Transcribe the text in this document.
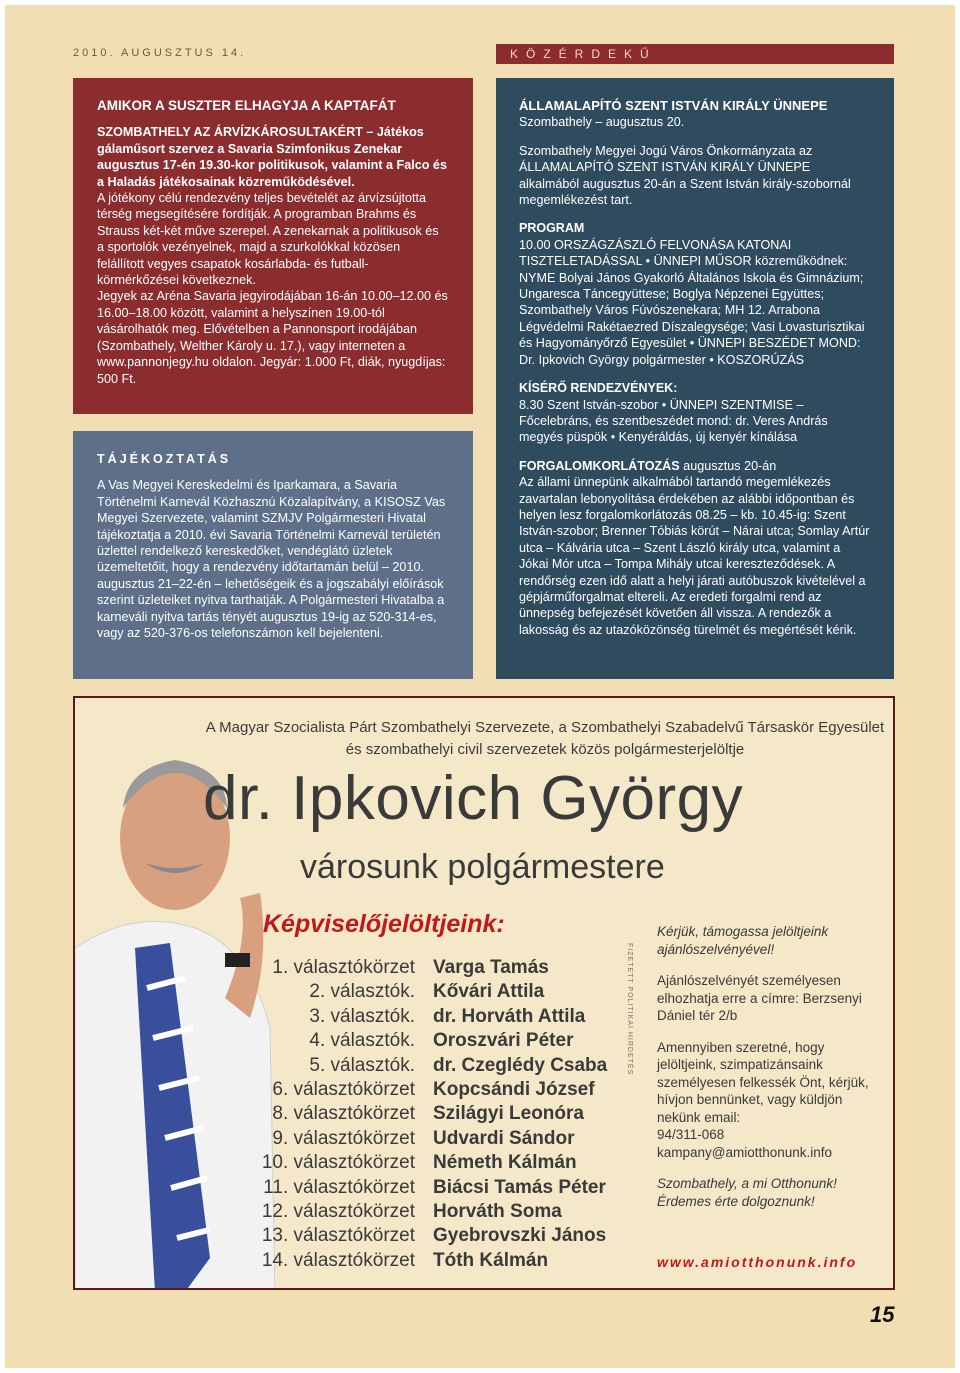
2010. AUGUSZTUS 14.	KÖZÉRDEKŰ

AMIKOR A SUSZTER ELHAGYJA A KAPTAFÁT

SZOMBATHELY AZ ÁRVÍZKÁROSULTAKÉRT – Játékos gálaműsort szervez a Savaria Szimfonikus Zenekar augusztus 17-én 19.30-kor politikusok, valamint a Falco és a Haladás játékosainak közreműködésével.

A jótékony célú rendezvény teljes bevételét az árvízsújtotta térség megsegítésére fordítják. A programban Brahms és Strauss két-két műve szerepel. A zenekarnak a politikusok és a sportolók vezényelnek, majd a szurkolókkal közösen felállított vegyes csapatok kosárlabda- és futball-körmérkőzései következnek.

Jegyek az Aréna Savaria jegyirodájában 16-án 10.00–12.00 és 16.00–18.00 között, valamint a helyszínen 19.00-tól vásárolhatók meg. Elővételben a Pannonsport irodájában (Szombathely, Welther Károly u. 17.), vagy interneten a www.pannonjegy.hu oldalon. Jegyár: 1.000 Ft, diák, nyugdíjas: 500 Ft.

TÁJÉKOZTATÁS

A Vas Megyei Kereskedelmi és Iparkamara, a Savaria Történelmi Karnevál Közhasznú Közalapítvány, a KISOSZ Vas Megyei Szervezete, valamint SZMJV Polgármesteri Hivatal tájékoztatja a 2010. évi Savaria Történelmi Karnevál területén üzlettel rendelkező kereskedőket, vendéglátó üzletek üzemeltetőit, hogy a rendezvény időtartamán belül – 2010. augusztus 21–22-én – lehetőségeik és a jogszabályi előírások szerint üzleteiket nyitva tarthatják. A Polgármesteri Hivatalba a karneváli nyitva tartás tényét augusztus 19-ig az 520-314-es, vagy az 520-376-os telefonszámon kell bejelenteni.

ÁLLAMALAPÍTÓ SZENT ISTVÁN KIRÁLY ÜNNEPE

Szombathely – augusztus 20.

Szombathely Megyei Jogú Város Önkormányzata az ÁLLAMALAPÍTÓ SZENT ISTVÁN KIRÁLY ÜNNEPE alkalmából augusztus 20-án a Szent István király-szobornál megemlékezést tart.

PROGRAM

10.00 ORSZÁGZÁSZLÓ FELVONÁSA KATONAI TISZTELETADÁSSAL • ÜNNEPI MŰSOR közreműködnek: NYME Bolyai János Gyakorló Általános Iskola és Gimnázium; Ungaresca Táncegyüttese; Boglya Népzenei Együttes; Szombathely Város Fúvószenekara; MH 12. Arrabona Légvédelmi Rakétaezred Díszalegysége; Vasi Lovasturisztikai és Hagyományőrző Egyesület • ÜNNEPI BESZÉDET MOND: Dr. Ipkovich György polgármester • KOSZORÚZÁS

KÍSÉRŐ RENDEZVÉNYEK:

8.30 Szent István-szobor • ÜNNEPI SZENTMISE – Főcelebráns, és szentbeszédet mond: dr. Veres András megyés püspök • Kenyéráldás, új kenyér kínálása

FORGALOMKORLÁTOZÁS augusztus 20-án

Az állami ünnepünk alkalmából tartandó megemlékezés zavartalan lebonyolítása érdekében az alábbi időpontban és helyen lesz forgalomkorlátozás 08.25 – kb. 10.45-ig: Szent István-szobor; Brenner Tóbiás körút – Nárai utca; Somlay Artúr utca – Kálvária utca – Szent László király utca, valamint a Jókai Mór utca – Tompa Mihály utcai kereszteződések. A rendőrség ezen idő alatt a helyi járati autóbuszok kivételével a gépjárműforgalmat eltereli. Az eredeti forgalmi rend az ünnepség befejezését követően áll vissza. A rendezők a lakosság és az utazóközönség türelmét és megértését kérik.

A Magyar Szocialista Párt Szombathelyi Szervezete, a Szombathelyi Szabadelvű Társaskör Egyesület
és szombathelyi civil szervezetek közös polgármesterjelöltje
dr. Ipkovich György
városunk polgármestere
Képviselőjelöltjeink:
1. választókörzet
2. választók.
3. választók.
4. választók.
5. választók.
6. választókörzet
8. választókörzet
9. választókörzet
10. választókörzet
11. választókörzet
12. választókörzet
13. választókörzet
14. választókörzet
Varga Tamás
Kővári Attila
dr. Horváth Attila
Oroszvári Péter
dr. Czeglédy Csaba
Kopcsándi József
Szilágyi Leonóra
Udvardi Sándor
Németh Kálmán
Biácsi Tamás Péter
Horváth Soma
Gyebrovszki János
Tóth Kálmán
FIZETETT POLITIKAI HIRDETÉS

Kérjük, támogassa jelöltjeink ajánlószelvényével!

Ajánlószelvényét személyesen elhozhatja erre a címre: Berzsenyi Dániel tér 2/b

Amennyiben szeretné, hogy jelöltjeink, szimpatizánsaink személyesen felkessék Önt, kérjük, hívjon bennünket, vagy küldjön nekünk email:

94/311-068

kampany@amiotthonunk.info

Szombathely, a mi Otthonunk!

Érdemes érte dolgoznunk!

www.amiotthonunk.info
15
